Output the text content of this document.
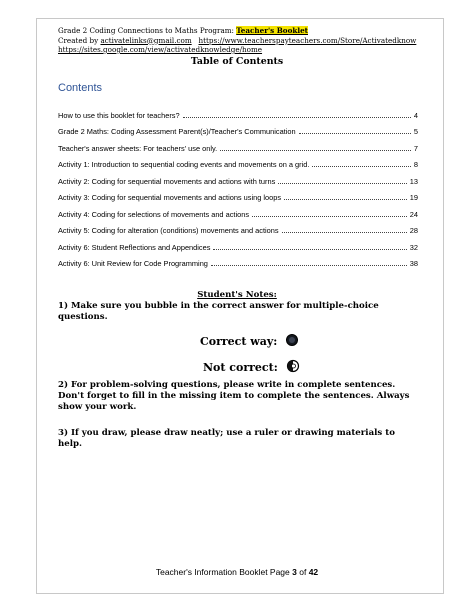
Grade 2 Coding Connections to Maths Program: Teacher's Booklet
Created by activatelinks@gmail.com https://www.teacherspayteachers.com/Store/Activatedknow
https://sites.google.com/view/activatedknowledge/home
Table of Contents
Contents
How to use this booklet for teachers?	4
Grade 2 Maths: Coding Assessment Parent(s)/Teacher's Communication	5
Teacher's answer sheets: For teachers' use only.	7
Activity 1: Introduction to sequential coding events and movements on a grid.	8
Activity 2: Coding for sequential movements and actions with turns	13
Activity 3: Coding for sequential movements and actions using loops	19
Activity 4: Coding for selections of movements and actions	24
Activity 5: Coding for alteration (conditions) movements and actions	28
Activity 6: Student Reflections and Appendices	32
Activity 6: Unit Review for Code Programming	38
Student's Notes:
1) Make sure you bubble in the correct answer for multiple-choice questions.
Correct way:
Not correct:
2) For problem-solving questions, please write in complete sentences. Don't forget to fill in the missing item to complete the sentences. Always show your work.
3) If you draw, please draw neatly; use a ruler or drawing materials to help.
Teacher's Information Booklet Page 3 of 42
